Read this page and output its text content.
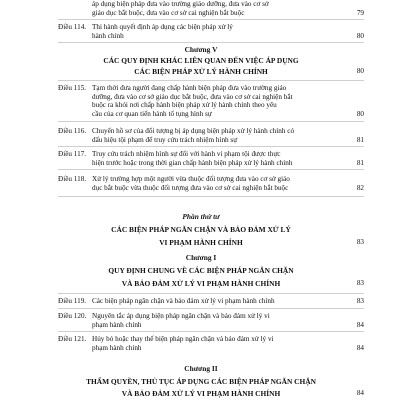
áp dụng biện pháp đưa vào trường giáo dưỡng, đưa vào cơ sở
giáo dục bắt buộc, đưa vào cơ sở cai nghiện bắt buộc	79
Điều 114. Thi hành quyết định áp dụng các biện pháp xử lý
hành chính	80
Chương V
CÁC QUY ĐỊNH KHÁC LIÊN QUAN ĐẾN VIỆC ÁP DỤNG
CÁC BIỆN PHÁP XỬ LÝ HÀNH CHÍNH	80
Điều 115. Tạm thời đưa người đang chấp hành biện pháp đưa vào trường giáo
dưỡng, đưa vào cơ sở giáo dục bắt buộc, đưa vào cơ sở cai nghiện bắt
buộc ra khỏi nơi chấp hành biện pháp xử lý hành chính theo yêu
cầu của cơ quan tiến hành tố tụng hình sự	80
Điều 116. Chuyển hồ sơ của đối tượng bị áp dụng biện pháp xử lý hành chính có
dấu hiệu tội phạm để truy cứu trách nhiệm hình sự	81
Điều 117. Truy cứu trách nhiệm hình sự đối với hành vi phạm tội được thực
hiện trước hoặc trong thời gian chấp hành biện pháp xử lý hành chính	81
Điều 118. Xử lý trường hợp một người vừa thuộc đối tượng đưa vào cơ sở giáo
dục bắt buộc vừa thuộc đối tượng đưa vào cơ sở cai nghiện bắt buộc	82
Phần thứ tư
CÁC BIỆN PHÁP NGĂN CHẶN VÀ BẢO ĐẢM XỬ LÝ
VI PHẠM HÀNH CHÍNH	83
Chương I
QUY ĐỊNH CHUNG VỀ CÁC BIỆN PHÁP NGĂN CHẶN
VÀ BẢO ĐẢM XỬ LÝ VI PHẠM HÀNH CHÍNH	83
Điều 119. Các biện pháp ngăn chặn và bảo đảm xử lý vi phạm hành chính	83
Điều 120. Nguyên tắc áp dụng biện pháp ngăn chặn và bảo đảm xử lý vi
phạm hành chính	84
Điều 121. Hủy bỏ hoặc thay thế biện pháp ngăn chặn và bảo đảm xử lý vi
phạm hành chính	84
Chương II
THẨM QUYỀN, THỦ TỤC ÁP DỤNG CÁC BIỆN PHÁP NGĂN CHẶN
VÀ BẢO ĐẢM XỬ LÝ VI PHẠM HÀNH CHÍNH	84
